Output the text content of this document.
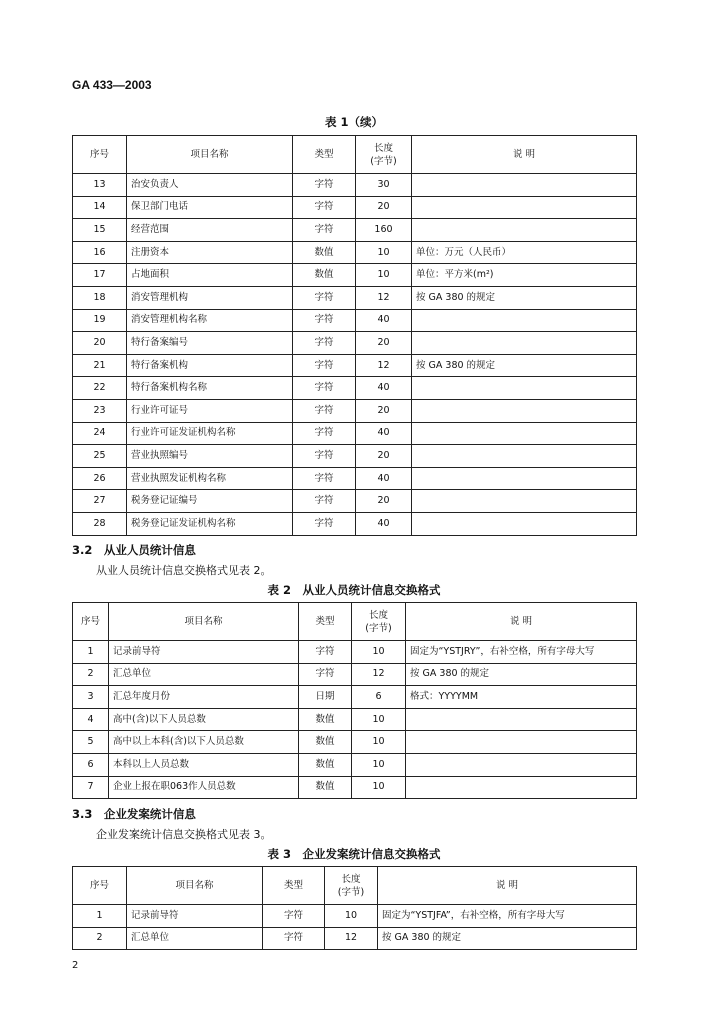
GA 433—2003
表 1（续）
序号	项目名称	类型	长度
(字节)	说 明
13	治安负责人	字符	30	
14	保卫部门电话	字符	20	
15	经营范围	字符	160	
16	注册资本	数值	10	单位：万元（人民币）
17	占地面积	数值	10	单位：平方米(m²)
18	消安管理机构	字符	12	按 GA 380 的规定
19	消安管理机构名称	字符	40	
20	特行备案编号	字符	20	
21	特行备案机构	字符	12	按 GA 380 的规定
22	特行备案机构名称	字符	40	
23	行业许可证号	字符	20	
24	行业许可证发证机构名称	字符	40	
25	营业执照编号	字符	20	
26	营业执照发证机构名称	字符	40	
27	税务登记证编号	字符	20	
28	税务登记证发证机构名称	字符	40	
3.2　从业人员统计信息
从业人员统计信息交换格式见表 2。
表 2　从业人员统计信息交换格式
序号	项目名称	类型	长度
(字节)	说 明
1	记录前导符	字符	10	固定为“YSTJRY”，右补空格，所有字母大写
2	汇总单位	字符	12	按 GA 380 的规定
3	汇总年度月份	日期	6	格式：YYYYMM
4	高中(含)以下人员总数	数值	10	
5	高中以上本科(含)以下人员总数	数值	10	
6	本科以上人员总数	数值	10	
7	企业上报在职063作人员总数	数值	10	
3.3　企业发案统计信息
企业发案统计信息交换格式见表 3。
表 3　企业发案统计信息交换格式
序号	项目名称	类型	长度
(字节)	说 明
1	记录前导符	字符	10	固定为“YSTJFA”，右补空格，所有字母大写
2	汇总单位	字符	12	按 GA 380 的规定
2
